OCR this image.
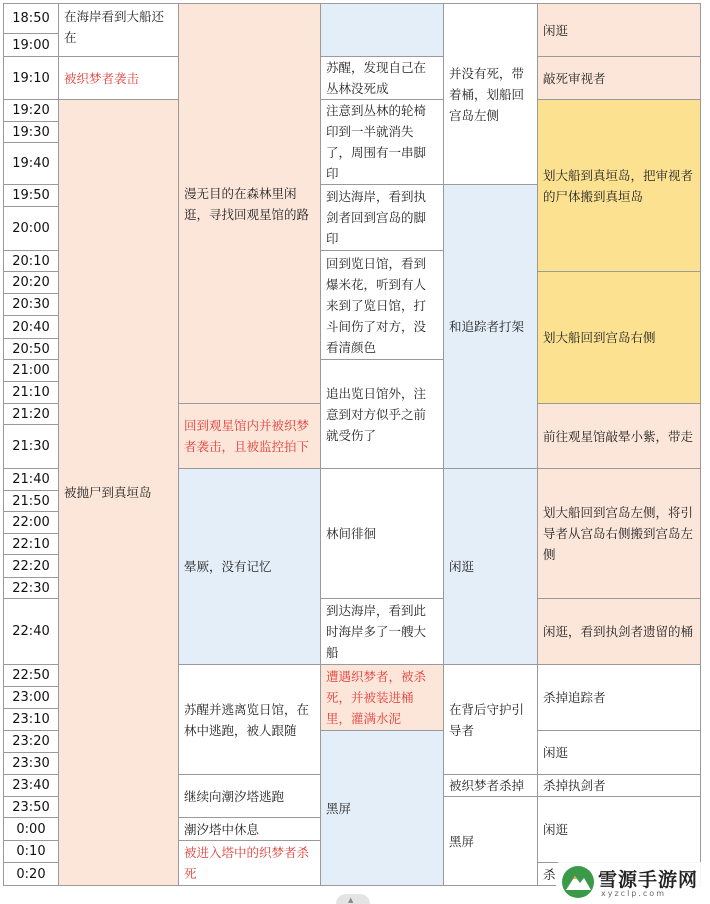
18:50
19:00
19:10
19:20
19:30
19:40
19:50
20:00
20:10
20:20
20:30
20:40
20:50
21:00
21:10
21:20
21:30
21:40
21:50
22:00
22:10
22:20
22:30
22:40
22:50
23:00
23:10
23:20
23:30
23:40
23:50
0:00
0:10
0:20
在海岸看到大船还在
被织梦者袭击
被抛尸到真垣岛
漫无目的在森林里闲逛，寻找回观星馆的路
回到观星馆内并被织梦者袭击，且被监控拍下
晕厥，没有记忆
苏醒并逃离览日馆，在林中逃跑，被人跟随
继续向潮汐塔逃跑
潮汐塔中休息
被进入塔中的织梦者杀死
苏醒，发现自己在丛林没死成
注意到丛林的轮椅印到一半就消失了，周围有一串脚印
到达海岸，看到执剑者回到宫岛的脚印
回到览日馆，看到爆米花，听到有人来到了览日馆，打斗间伤了对方，没看清颜色
追出览日馆外，注意到对方似乎之前就受伤了
林间徘徊
到达海岸，看到此时海岸多了一艘大船
遭遇织梦者，被杀死，并被装进桶里，灌满水泥
黑屏
并没有死，带着桶，划船回宫岛左侧
和追踪者打架
闲逛
在背后守护引导者
被织梦者杀掉
黑屏
闲逛
敲死审视者
划大船到真垣岛，把审视者的尸体搬到真垣岛
划大船回到宫岛右侧
前往观星馆敲晕小紫，带走
划大船回到宫岛左侧，将引导者从宫岛右侧搬到宫岛左侧
闲逛，看到执剑者遗留的桶
杀掉追踪者
闲逛
杀掉执剑者
闲逛
杀 雪源手游网
xyzclp.com
▲
